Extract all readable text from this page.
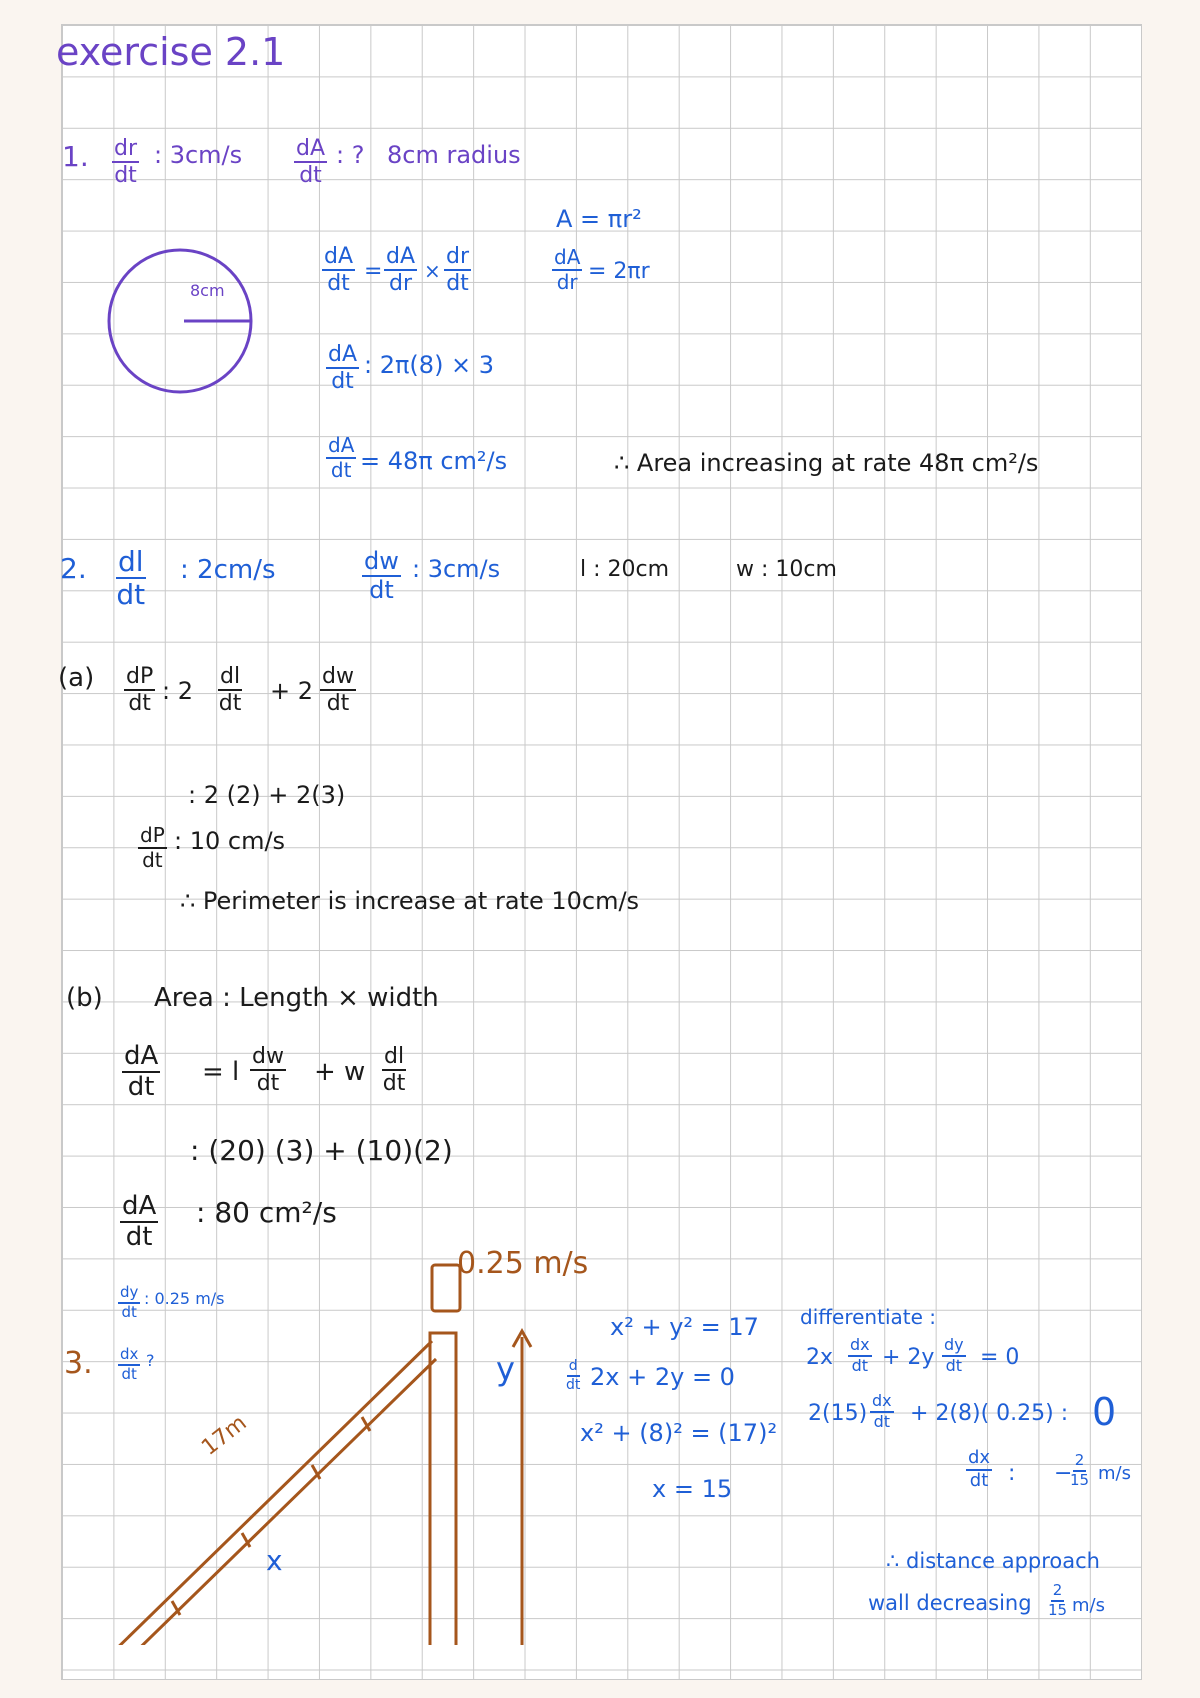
exercise 2.1
1. $\frac{dr}{dt}$ : $3cm/s \frac{dA}{dt}$ : ? 8cm radius
8cm
A = πr²
$\frac{dA}{dt} = \frac{dA}{dr} \times \frac{dr}{dt}$	$\frac{dA}{dr} = 2\pi r$
$\frac{dA}{dt}$ : 2π(8) × 3
$\frac{dA}{dt} = 48\pi$ cm²/s	∴ Area increasing at rate 48π cm²/s
2. $\frac{dl}{dt}$ : 2cm/s	$\frac{dw}{dt}$ : 3cm/s	l : 20cm	w : 10cm
$(a) \frac{dP}{dt}$ : $2 \frac{dl}{dt} + 2 \frac{dw}{dt}$
: 2 (2) + 2(3)
$\frac{dP}{dt}$ : 10 cm/s
∴ Perimeter is increase at rate 10cm/s
(b) Area : Length × width
$\frac{dA}{dt} = l \frac{dw}{dt} + w \frac{dl}{dt}$
: (20) (3) + (10)(2)
$\frac{dA}{dt}$ : 80 cm²/s
$\frac{dy}{dt}$ : 0.25 m/s
3. $\frac{dx}{dt}$ ?
0.25 m/s
17m
x
y
x² + y² = 17
$\frac{d}{dt} 2x + 2y = 0$
x² + (8)² = (17)²
x = 15
differentiate :
$2x \frac{dx}{dt} + 2y \frac{dy}{dt} = 0$
$2(15) \frac{dx}{dt} + 2(8)$( 0.25) : 0
$\frac{dx}{dt}$ : −
$\frac{2}{15} m/s$
∴ distance approach
wall decreasing $\frac{2}{15} m/s$
